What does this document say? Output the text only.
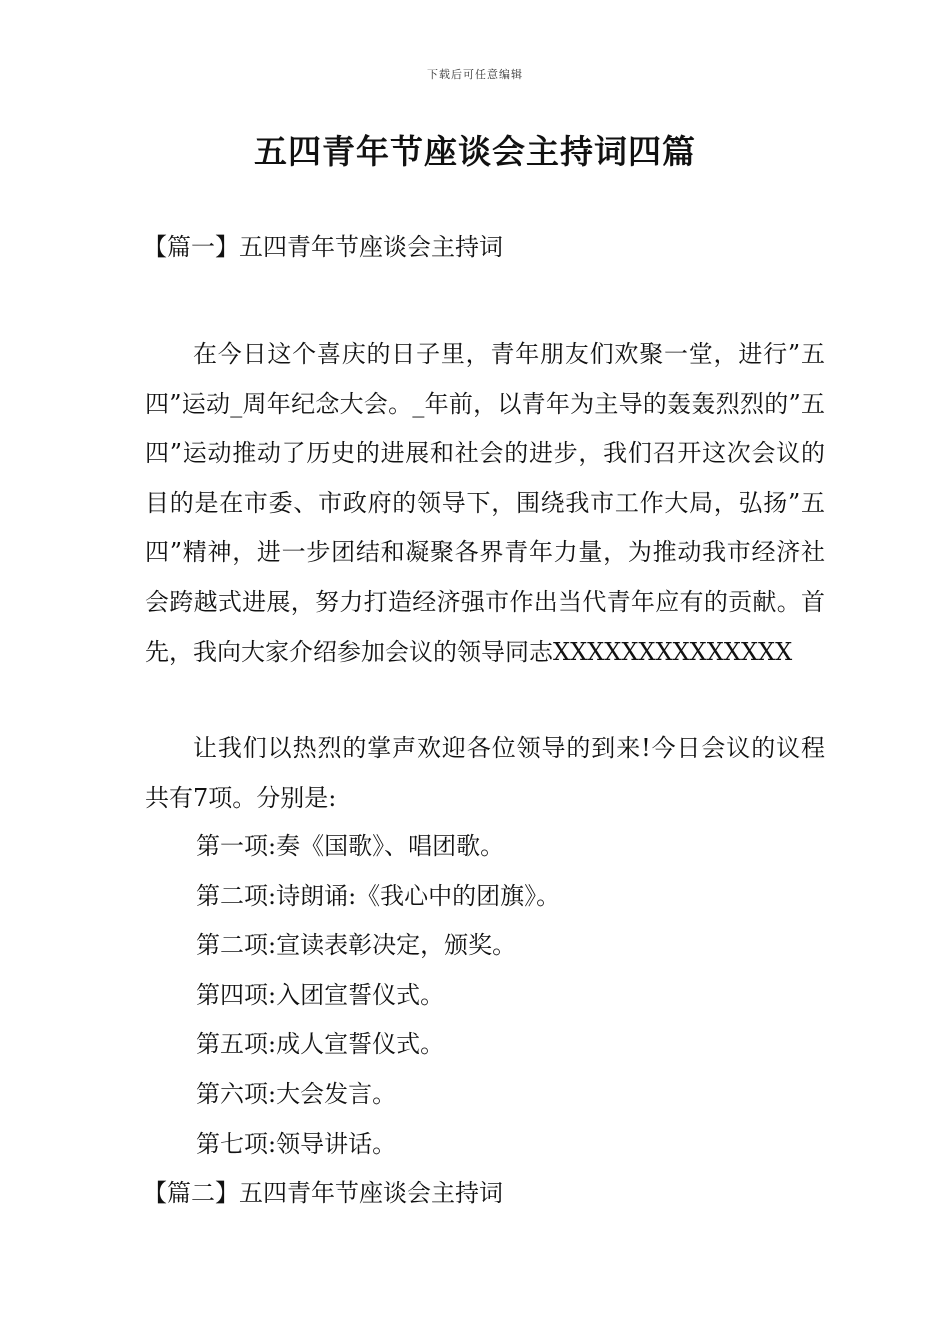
下载后可任意编辑
五四青年节座谈会主持词四篇
【篇一】五四青年节座谈会主持词

在今日这个喜庆的日子里，青年朋友们欢聚一堂，进行”五四”运动_周年纪念大会。_年前，以青年为主导的轰轰烈烈的”五四”运动推动了历史的进展和社会的进步，我们召开这次会议的目的是在市委、市政府的领导下，围绕我市工作大局，弘扬”五四”精神，进一步团结和凝聚各界青年力量，为推动我市经济社会跨越式进展，努力打造经济强市作出当代青年应有的贡献。首先，我向大家介绍参加会议的领导同志XXXXXXXXXXXXXX

让我们以热烈的掌声欢迎各位领导的到来!今日会议的议程共有7项。分别是:

第一项:奏《国歌》、唱团歌。
第二项:诗朗诵:《我心中的团旗》。
第二项:宣读表彰决定，颁奖。
第四项:入团宣誓仪式。
第五项:成人宣誓仪式。
第六项:大会发言。
第七项:领导讲话。
【篇二】五四青年节座谈会主持词
